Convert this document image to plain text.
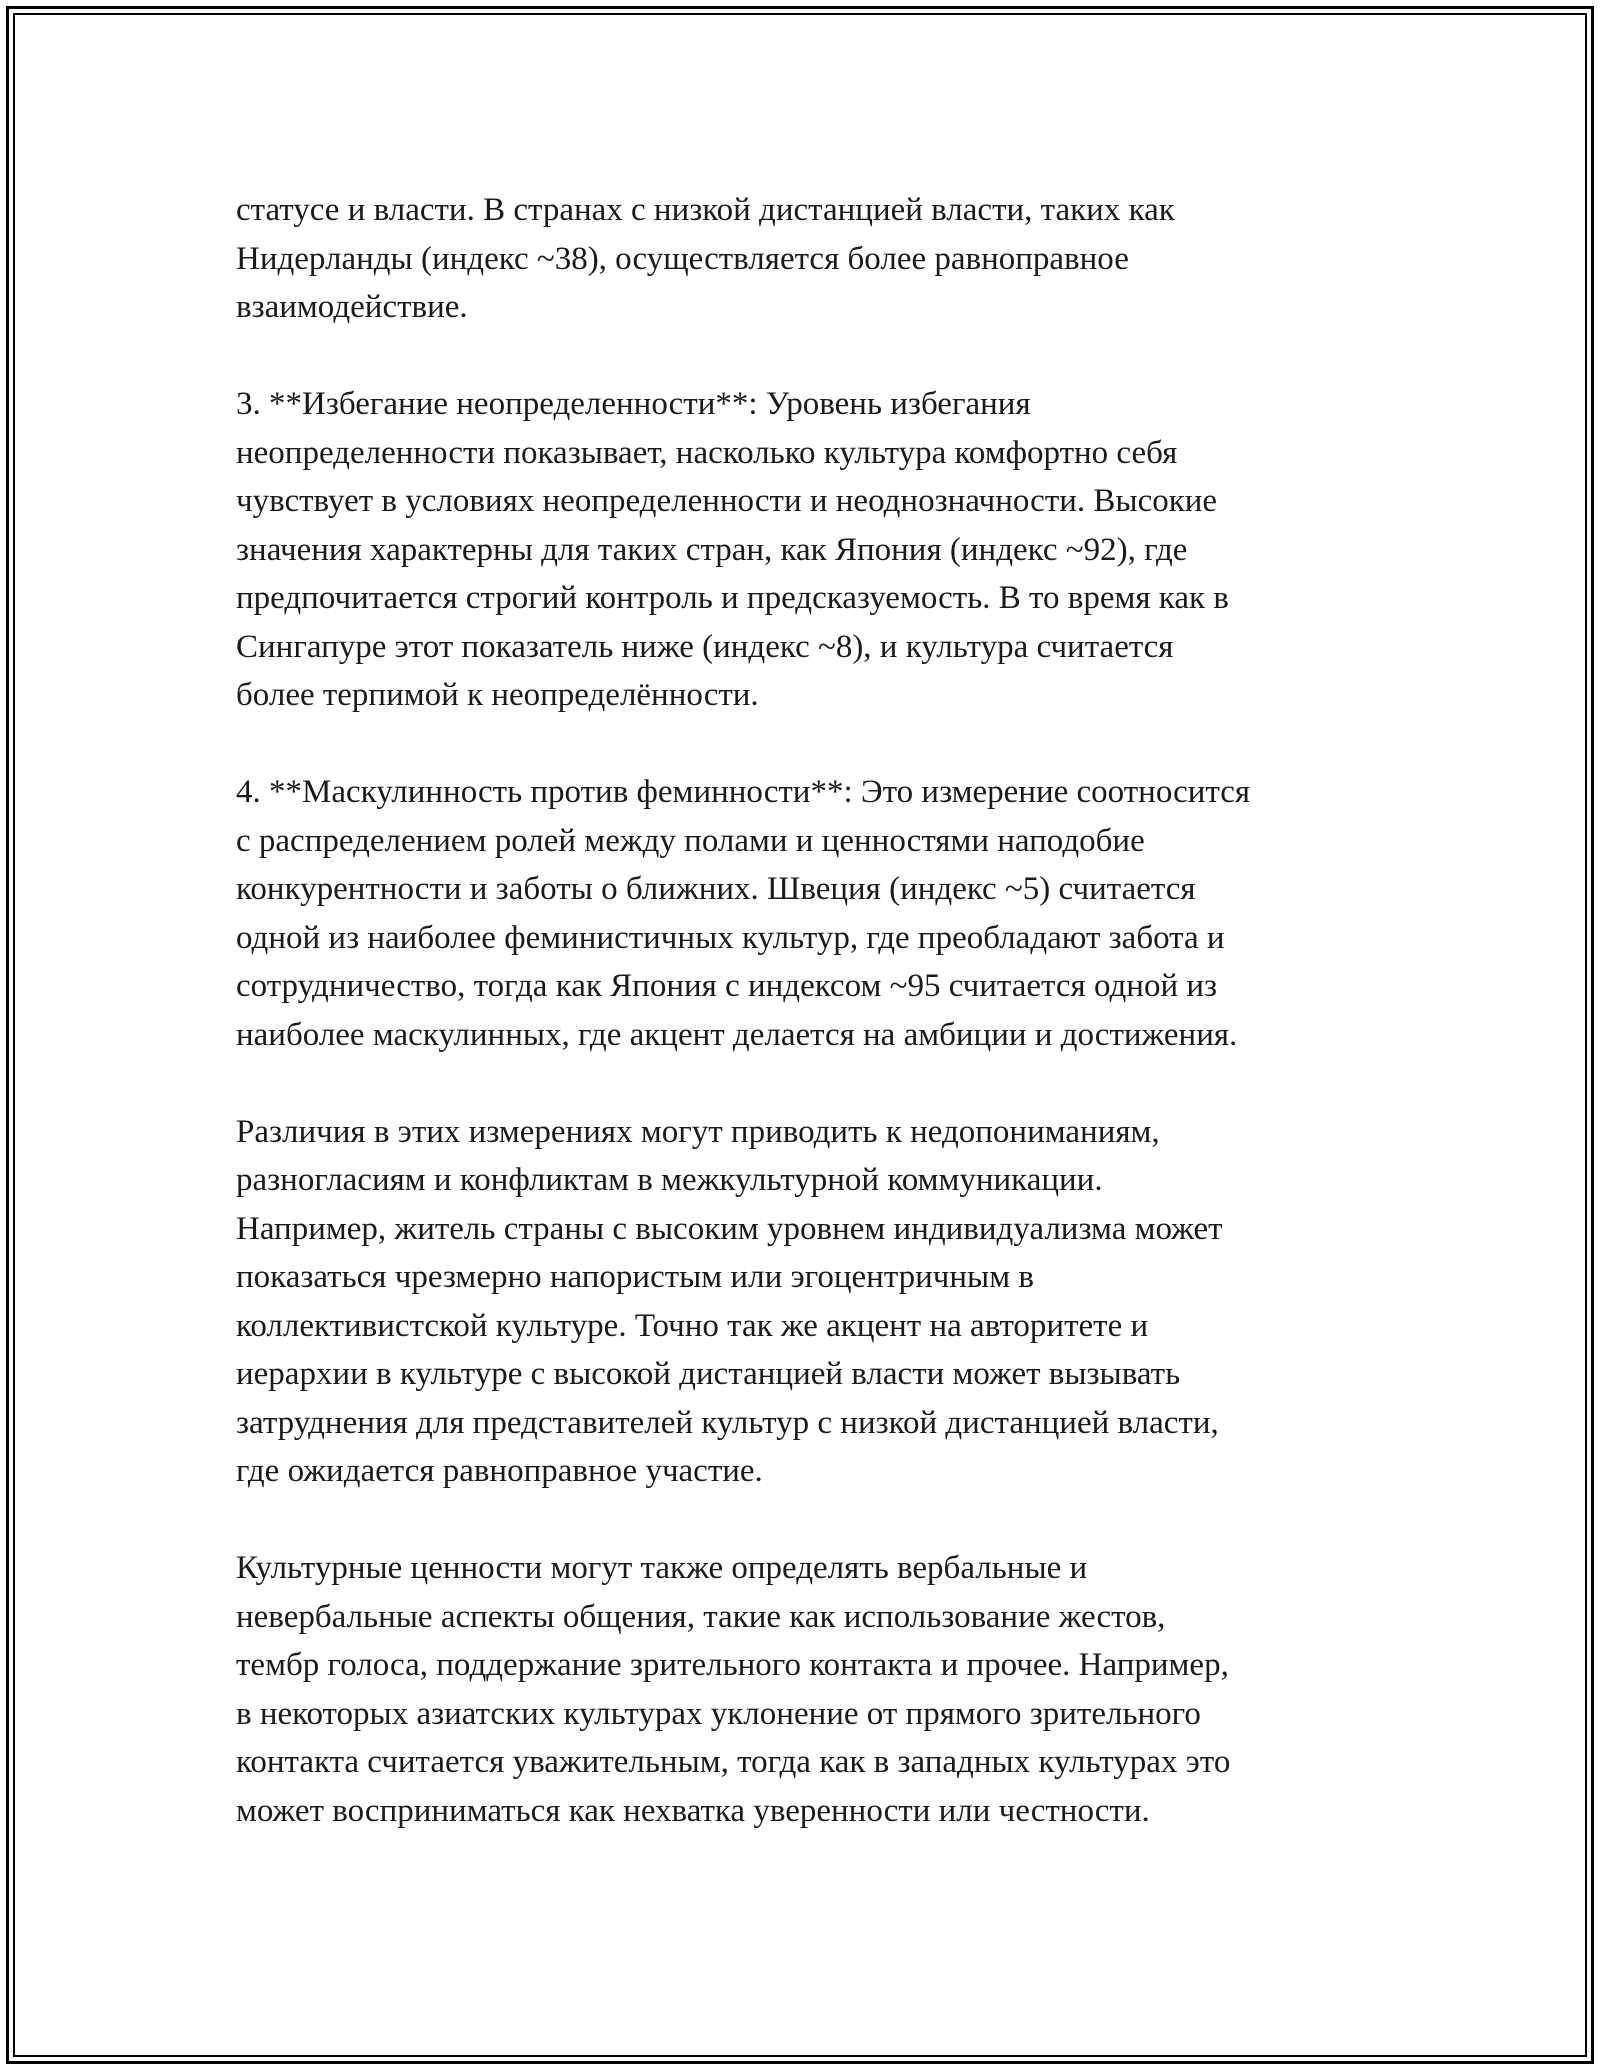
статусе и власти. В странах с низкой дистанцией власти, таких как
Нидерланды (индекс ~38), осуществляется более равноправное
взаимодействие.

3. **Избегание неопределенности**: Уровень избегания
неопределенности показывает, насколько культура комфортно себя
чувствует в условиях неопределенности и неоднозначности. Высокие
значения характерны для таких стран, как Япония (индекс ~92), где
предпочитается строгий контроль и предсказуемость. В то время как в
Сингапуре этот показатель ниже (индекс ~8), и культура считается
более терпимой к неопределённости.

4. **Маскулинность против феминности**: Это измерение соотносится
с распределением ролей между полами и ценностями наподобие
конкурентности и заботы о ближних. Швеция (индекс ~5) считается
одной из наиболее феминистичных культур, где преобладают забота и
сотрудничество, тогда как Япония с индексом ~95 считается одной из
наиболее маскулинных, где акцент делается на амбиции и достижения.

Различия в этих измерениях могут приводить к недопониманиям,
разногласиям и конфликтам в межкультурной коммуникации.
Например, житель страны с высоким уровнем индивидуализма может
показаться чрезмерно напористым или эгоцентричным в
коллективистской культуре. Точно так же акцент на авторитете и
иерархии в культуре с высокой дистанцией власти может вызывать
затруднения для представителей культур с низкой дистанцией власти,
где ожидается равноправное участие.

Культурные ценности могут также определять вербальные и
невербальные аспекты общения, такие как использование жестов,
тембр голоса, поддержание зрительного контакта и прочее. Например,
в некоторых азиатских культурах уклонение от прямого зрительного
контакта считается уважительным, тогда как в западных культурах это
может восприниматься как нехватка уверенности или честности.
